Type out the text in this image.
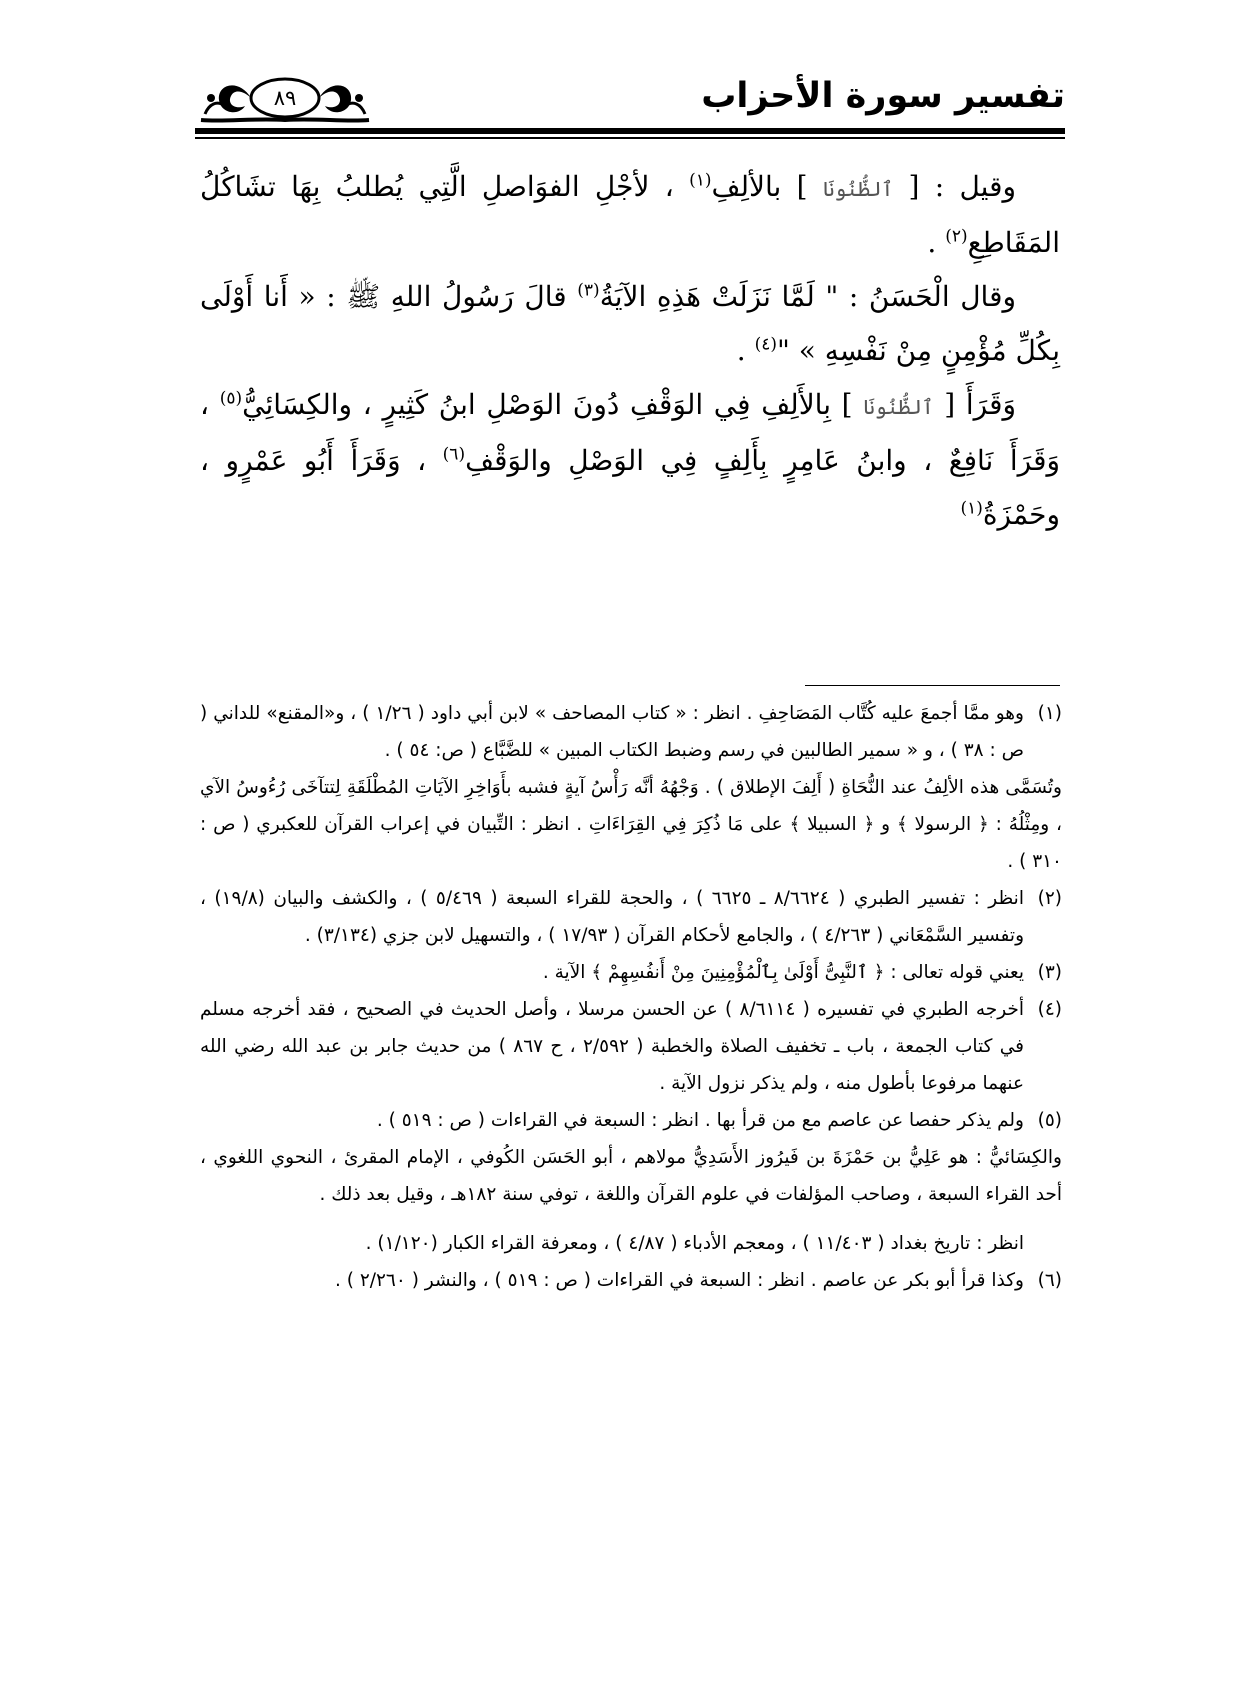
تفسير سورة الأحزاب
٨٩

وقيل : [ ٱلظُّنُونَا ] بالألِفِ$^{(١)}$ ، لأجْلِ الفوَاصلِ الَّتِي يُطلبُ بِهَا تشَاكُلُ المَقَاطِعِ$^{(٢)}$ .

وقال الْحَسَنُ : " لَمَّا نَزَلَتْ هَذِهِ الآيَةُ$^{(٣)}$ قالَ رَسُولُ اللهِ ﷺ : « أَنا أَوْلَى بِكُلِّ مُؤْمِنٍ مِنْ نَفْسِهِ » "$^{(٤)}$ .

وَقَرَأَ [ ٱلظُّنُونَا ] بِالأَلِفِ فِي الوَقْفِ دُونَ الوَصْلِ ابنُ كَثِيرٍ ، والكِسَائِيُّ$^{(٥)}$ ، وَقَرَأَ نَافِعٌ ، وابنُ عَامِرٍ بِأَلِفٍ فِي الوَصْلِ والوَقْفِ$^{(٦)}$ ، وَقَرَأَ أَبُو عَمْرٍو ، وحَمْزَةُ$^{(١)}$

(١)
وهو ممَّا أجمعَ عليه كُتَّاب المَصَاحِفِ . انظر : « كتاب المصاحف » لابن أبي داود ( ١/٢٦ ) ، و«المقنع» للداني ( ص : ٣٨ ) ، و « سمير الطالبين في رسم وضبط الكتاب المبين » للضَّبَّاع ( ص: ٥٤ ) .

وتُسَمَّى هذه الألِفُ عند النُّحَاةِ ( أَلِفَ الإطلاق ) . وَجْهُهُ أنَّه رَأْسُ آيةٍ فشبه بأَوَاخِرِ الآيَاتِ المُطْلَقَةِ لِتتآخَى رُءُوسُ الآي ، ومِثْلُهُ : ﴿ الرسولا ﴾ و ﴿ السبيلا ﴾ على مَا ذُكِرَ فِي القِرَاءَاتِ . انظر : التِّبيان في إعراب القرآن للعكبري ( ص : ٣١٠ ) .

(٢)
انظر : تفسير الطبري ( ٨/٦٦٢٤ ـ ٦٦٢٥ ) ، والحجة للقراء السبعة ( ٥/٤٦٩ ) ، والكشف والبيان (١٩/٨) ، وتفسير السَّمْعَاني ( ٤/٢٦٣ ) ، والجامع لأحكام القرآن ( ١٧/٩٣ ) ، والتسهيل لابن جزي (٣/١٣٤) .

(٣)
يعني قوله تعالى : ﴿ ٱلنَّبِىُّ أَوْلَىٰ بِٱلْمُؤْمِنِينَ مِنْ أَنفُسِهِمْ ﴾ الآية .

(٤)
أخرجه الطبري في تفسيره ( ٨/٦١١٤ ) عن الحسن مرسلا ، وأصل الحديث في الصحيح ، فقد أخرجه مسلم في كتاب الجمعة ، باب ـ تخفيف الصلاة والخطبة ( ٢/٥٩٢ ، ح ٨٦٧ ) من حديث جابر بن عبد الله رضي الله عنهما مرفوعا بأطول منه ، ولم يذكر نزول الآية .

(٥)
ولم يذكر حفصا عن عاصم مع من قرأ بها . انظر : السبعة في القراءات ( ص : ٥١٩ ) .

والكِسَائيُّ : هو عَلِيُّ بن حَمْزَةَ بن فَيرُوز الأَسَدِيُّ مولاهم ، أبو الحَسَن الكُوفي ، الإمام المقرئ ، النحوي اللغوي ، أحد القراء السبعة ، وصاحب المؤلفات في علوم القرآن واللغة ، توفي سنة ١٨٢هـ ، وقيل بعد ذلك .

انظر : تاريخ بغداد ( ١١/٤٠٣ ) ، ومعجم الأدباء ( ٤/٨٧ ) ، ومعرفة القراء الكبار (١/١٢٠) .

(٦)
وكذا قرأ أبو بكر عن عاصم . انظر : السبعة في القراءات ( ص : ٥١٩ ) ، والنشر ( ٢/٢٦٠ ) .
